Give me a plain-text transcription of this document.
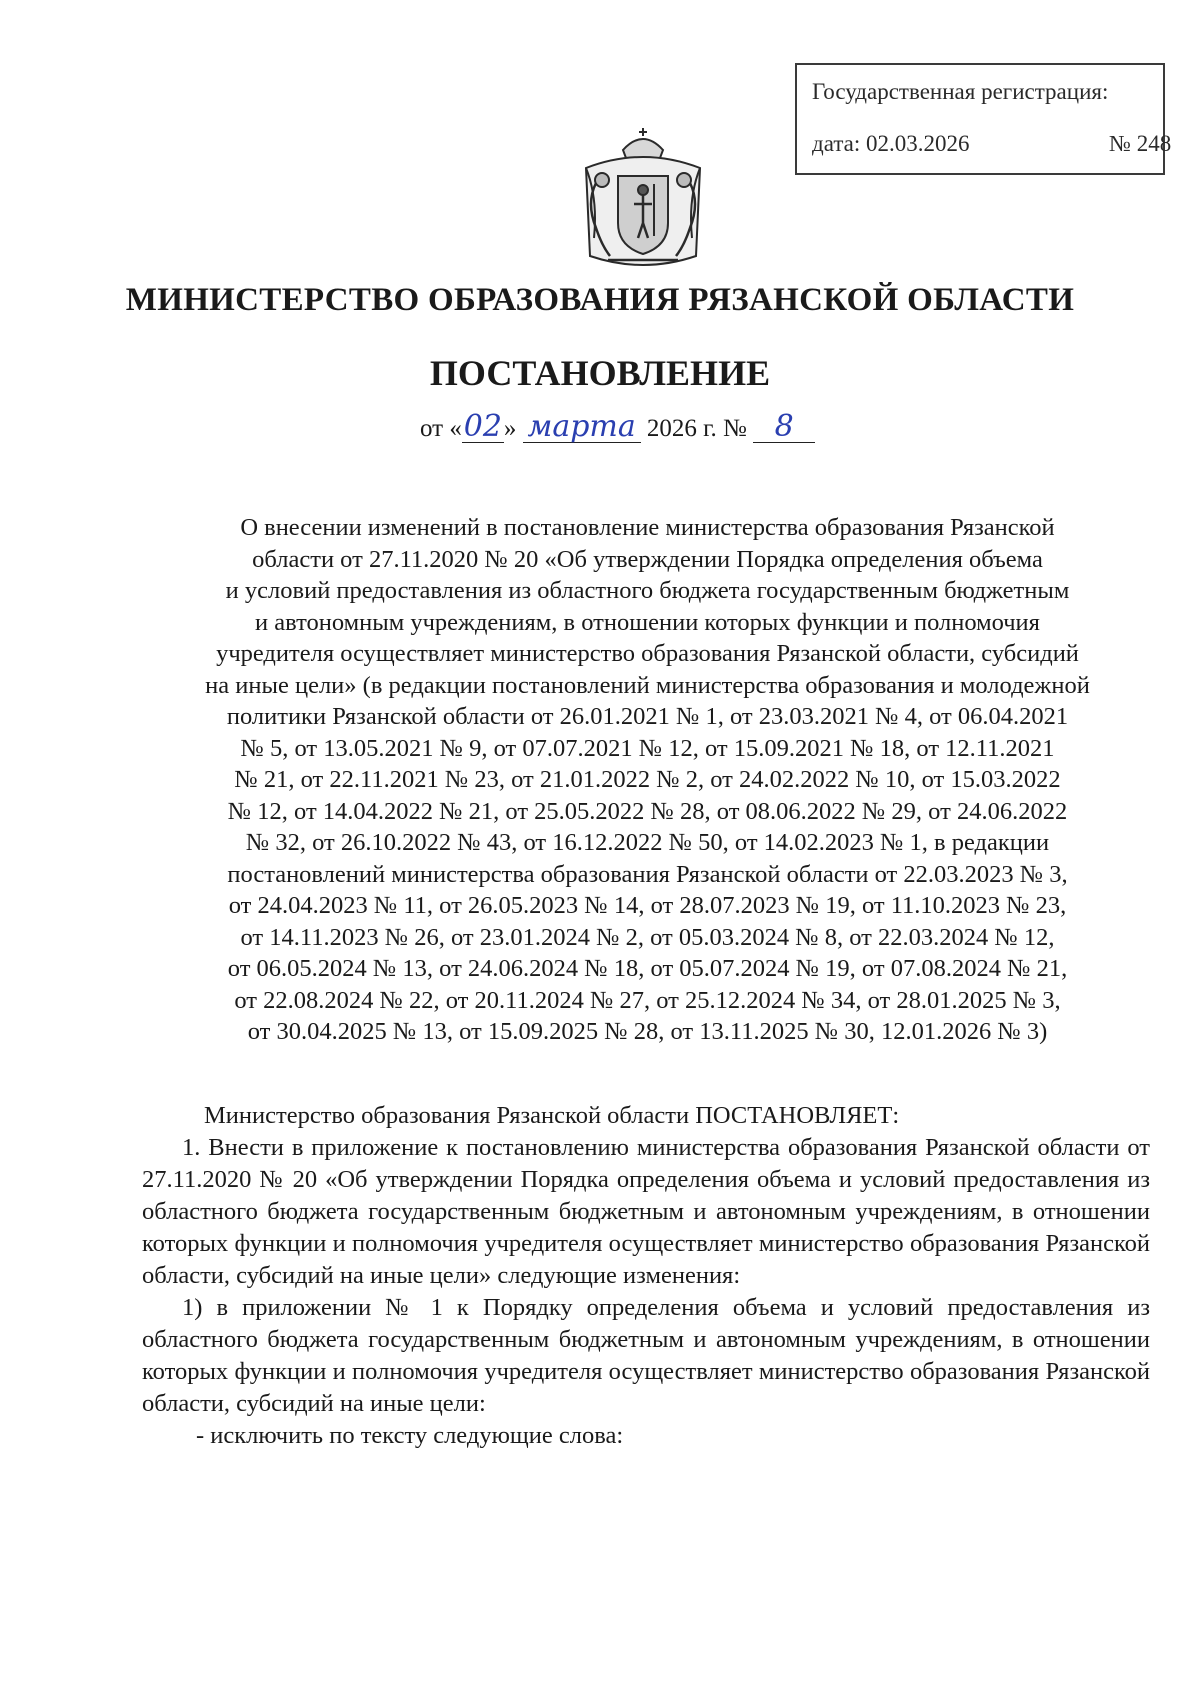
Государственная регистрация:
дата: 02.03.2026	№ 248
МИНИСТЕРСТВО ОБРАЗОВАНИЯ РЯЗАНСКОЙ ОБЛАСТИ
ПОСТАНОВЛЕНИЕ
от «02» марта 2026 г. № 8
О внесении изменений в постановление министерства образования Рязанской
области от 27.11.2020 № 20 «Об утверждении Порядка определения объема
и условий предоставления из областного бюджета государственным бюджетным
и автономным учреждениям, в отношении которых функции и полномочия
учредителя осуществляет министерство образования Рязанской области, субсидий
на иные цели» (в редакции постановлений министерства образования и молодежной
политики Рязанской области от 26.01.2021 № 1, от 23.03.2021 № 4, от 06.04.2021
№ 5, от 13.05.2021 № 9, от 07.07.2021 № 12, от 15.09.2021 № 18, от 12.11.2021
№ 21, от 22.11.2021 № 23, от 21.01.2022 № 2, от 24.02.2022 № 10, от 15.03.2022
№ 12, от 14.04.2022 № 21, от 25.05.2022 № 28, от 08.06.2022 № 29, от 24.06.2022
№ 32, от 26.10.2022 № 43, от 16.12.2022 № 50, от 14.02.2023 № 1, в редакции
постановлений министерства образования Рязанской области от 22.03.2023 № 3,
от 24.04.2023 № 11, от 26.05.2023 № 14, от 28.07.2023 № 19, от 11.10.2023 № 23,
от 14.11.2023 № 26, от 23.01.2024 № 2, от 05.03.2024 № 8, от 22.03.2024 № 12,
от 06.05.2024 № 13, от 24.06.2024 № 18, от 05.07.2024 № 19, от 07.08.2024 № 21,
от 22.08.2024 № 22, от 20.11.2024 № 27, от 25.12.2024 № 34, от 28.01.2025 № 3,
от 30.04.2025 № 13, от 15.09.2025 № 28, от 13.11.2025 № 30, 12.01.2026 № 3)

Министерство образования Рязанской области ПОСТАНОВЛЯЕТ:

1. Внести в приложение к постановлению министерства образования Рязанской области от 27.11.2020 № 20 «Об утверждении Порядка определения объема и условий предоставления из областного бюджета государственным бюджетным и автономным учреждениям, в отношении которых функции и полномочия учредителя осуществляет министерство образования Рязанской области, субсидий на иные цели» следующие изменения:

1) в приложении № 1 к Порядку определения объема и условий предоставления из областного бюджета государственным бюджетным и автономным учреждениям, в отношении которых функции и полномочия учредителя осуществляет министерство образования Рязанской области, субсидий на иные цели:

- исключить по тексту следующие слова:
